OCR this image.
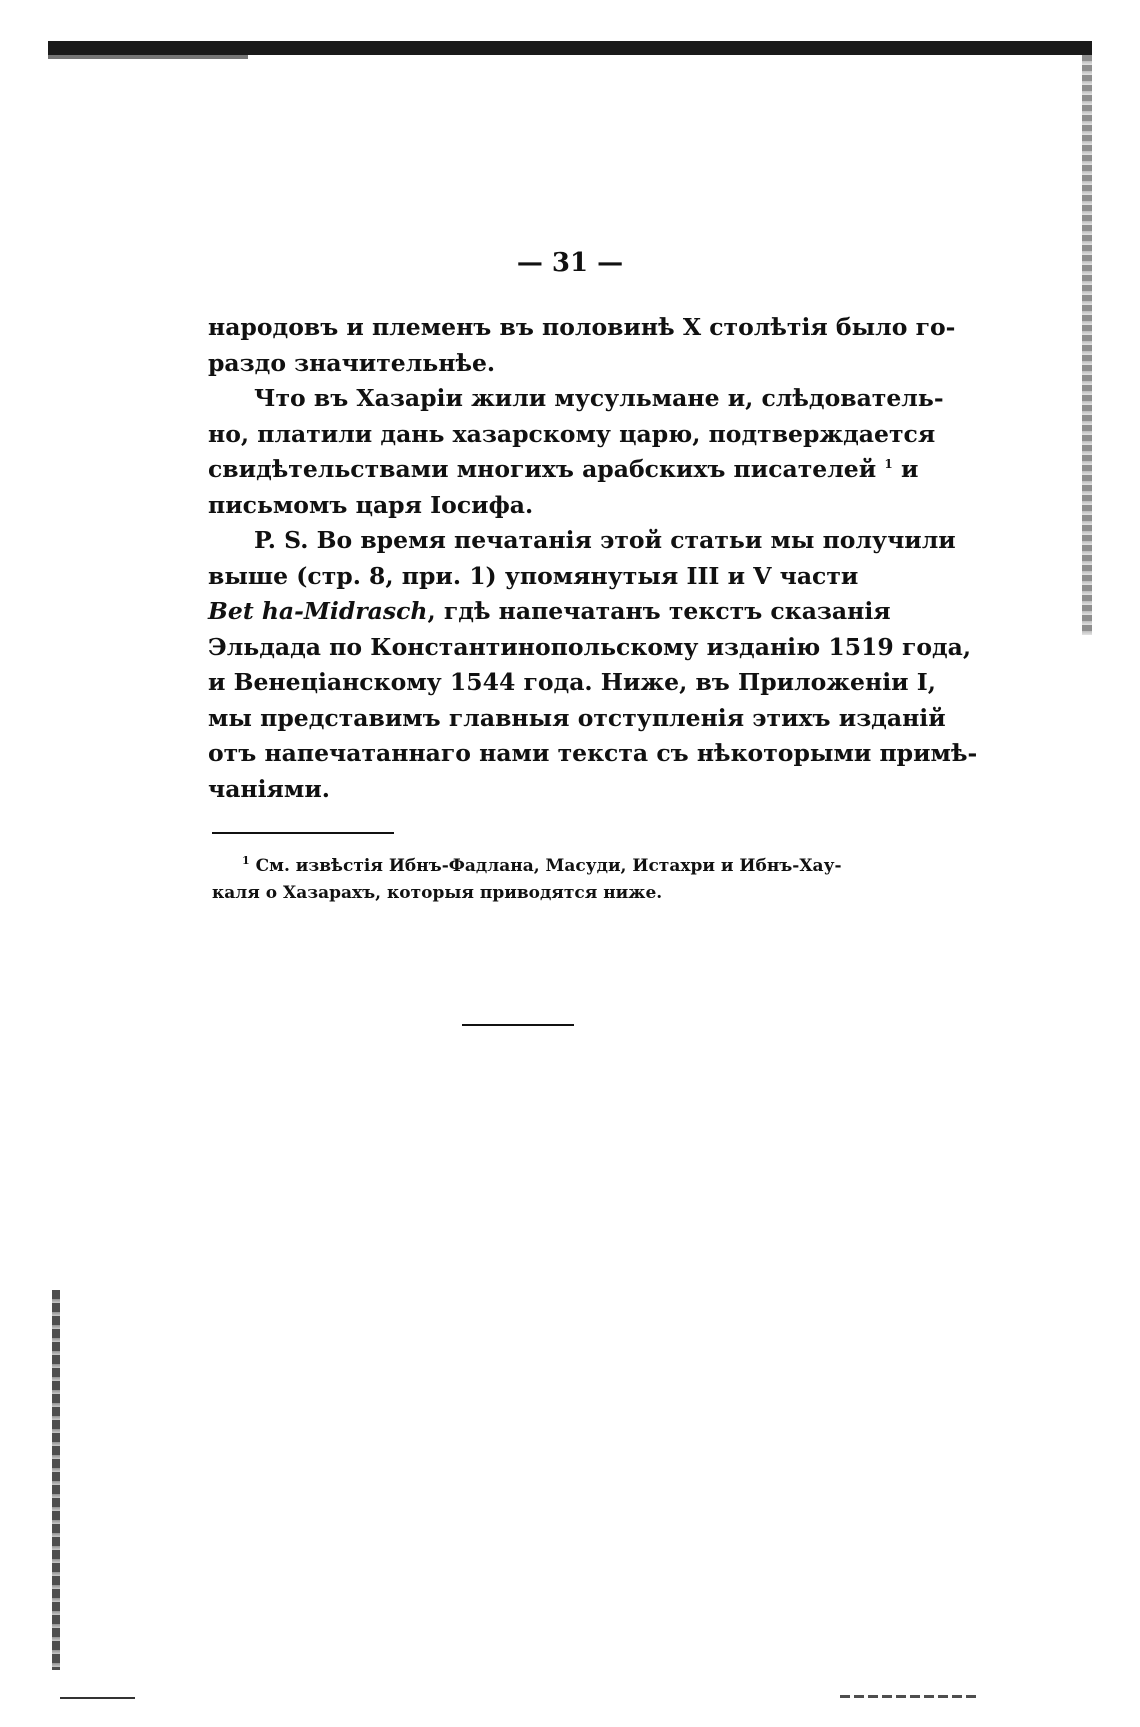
— 31 —
народовъ и племенъ въ половинѣ X столѣтія было го-
раздо значительнѣе.
Что въ Хазаріи жили мусульмане и, слѣдователь-
но, платили дань хазарскому царю, подтверждается
свидѣтельствами многихъ арабскихъ писателей $^1$ и
письмомъ царя Іосифа.
P. S. Во время печатанія этой статьи мы получили
выше (стр. 8, при. 1) упомянутыя III и V части
Bet ha-Midrasch, гдѣ напечатанъ текстъ сказанія
Эльдада по Константинопольскому изданію 1519 года,
и Венеціанскому 1544 года. Ниже, въ Приложеніи I,
мы представимъ главныя отступленія этихъ изданій
отъ напечатаннаго нами текста съ нѣкоторыми примѣ-
чаніями.
$^1$ См. извѣстія Ибнъ-Фадлана, Масуди, Истахри и Ибнъ-Хау-
каля о Хазарахъ, которыя приводятся ниже.
